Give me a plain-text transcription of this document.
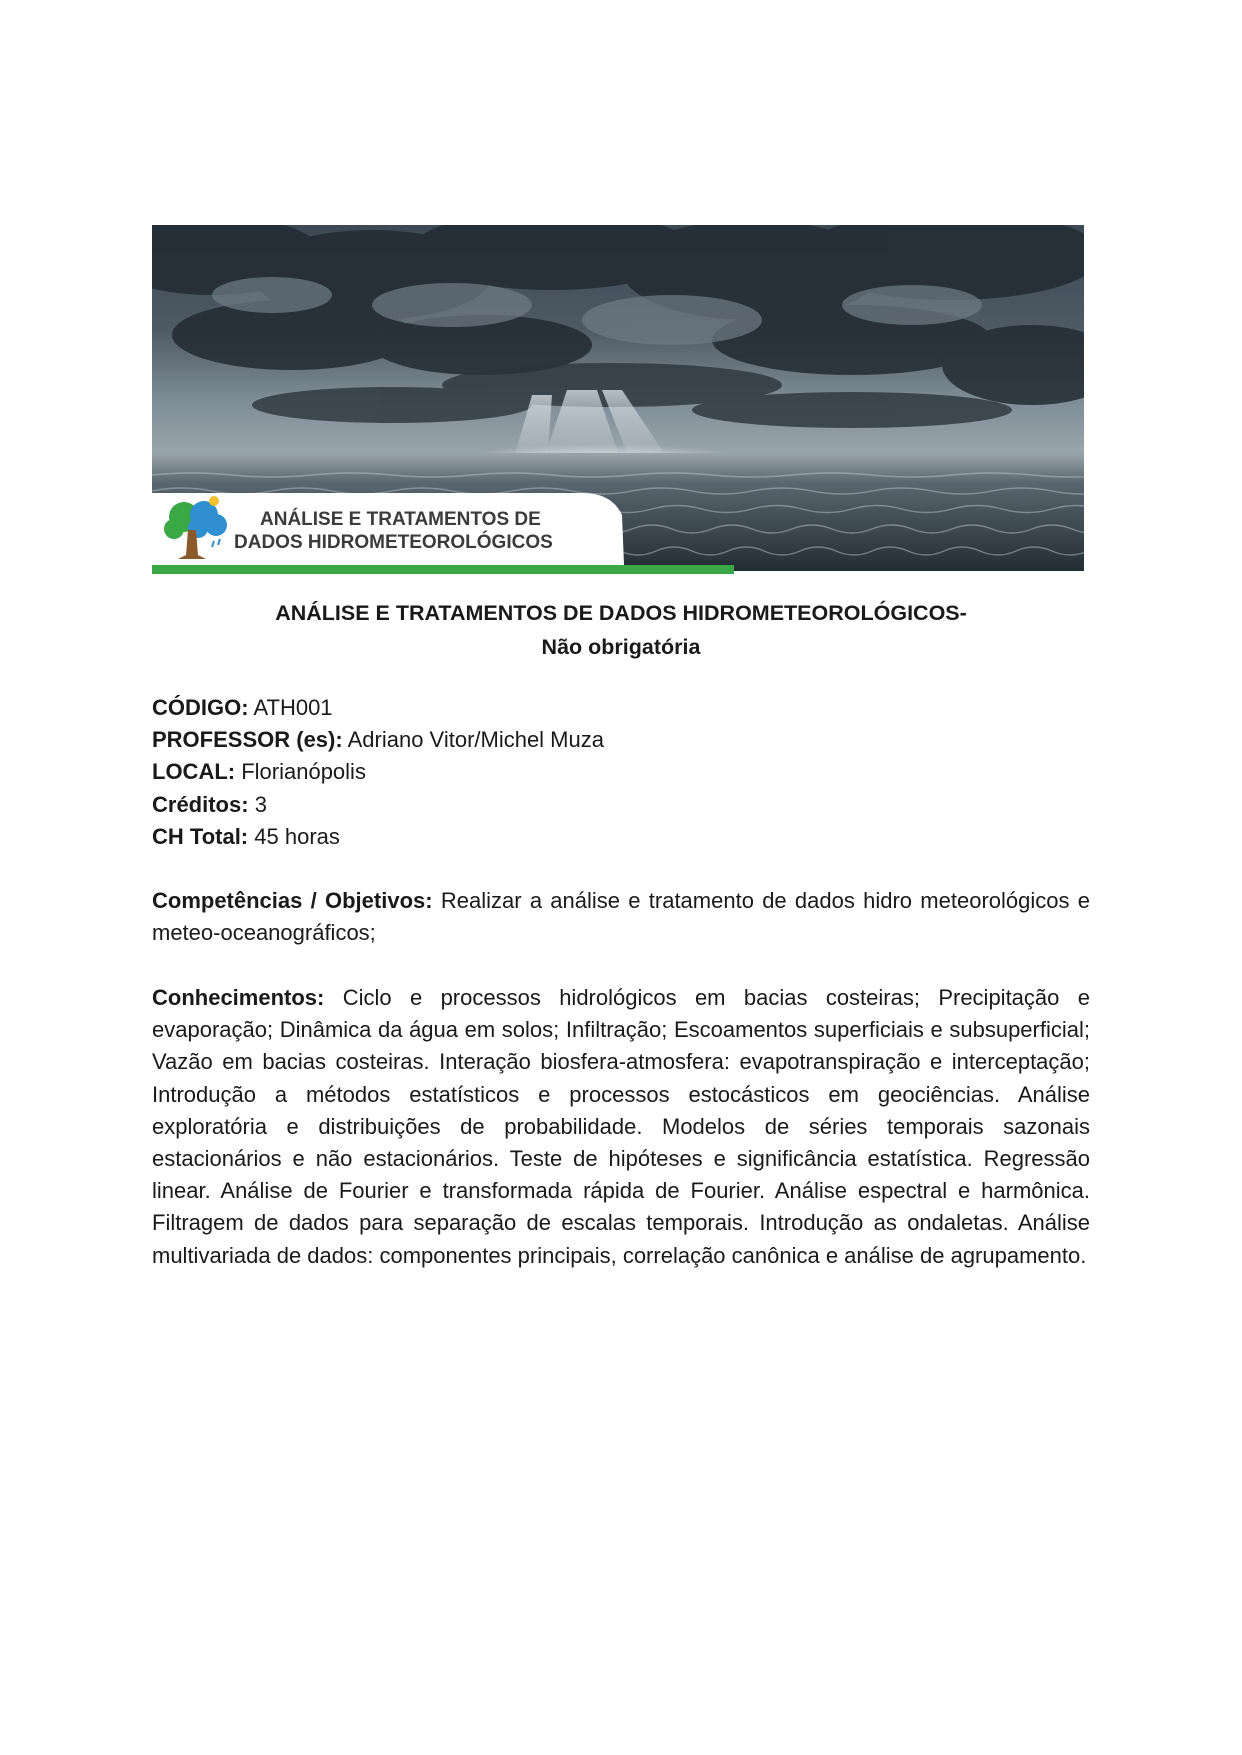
ANÁLISE E TRATAMENTOS DE
DADOS HIDROMETEOROLÓGICOS
ANÁLISE E TRATAMENTOS DE DADOS HIDROMETEOROLÓGICOS-
Não obrigatória
CÓDIGO: ATH001
PROFESSOR (es): Adriano Vitor/Michel Muza
LOCAL: Florianópolis
Créditos: 3
CH Total: 45 horas
Competências / Objetivos: Realizar a análise e tratamento de dados hidro meteorológicos e meteo-oceanográficos;
Conhecimentos: Ciclo e processos hidrológicos em bacias costeiras; Precipitação e evaporação; Dinâmica da água em solos; Infiltração; Escoamentos superficiais e subsuperficial; Vazão em bacias costeiras. Interação biosfera-atmosfera: evapotranspiração e interceptação; Introdução a métodos estatísticos e processos estocásticos em geociências. Análise exploratória e distribuições de probabilidade. Modelos de séries temporais sazonais estacionários e não estacionários. Teste de hipóteses e significância estatística. Regressão linear. Análise de Fourier e transformada rápida de Fourier. Análise espectral e harmônica. Filtragem de dados para separação de escalas temporais. Introdução as ondaletas. Análise multivariada de dados: componentes principais, correlação canônica e análise de agrupamento.
